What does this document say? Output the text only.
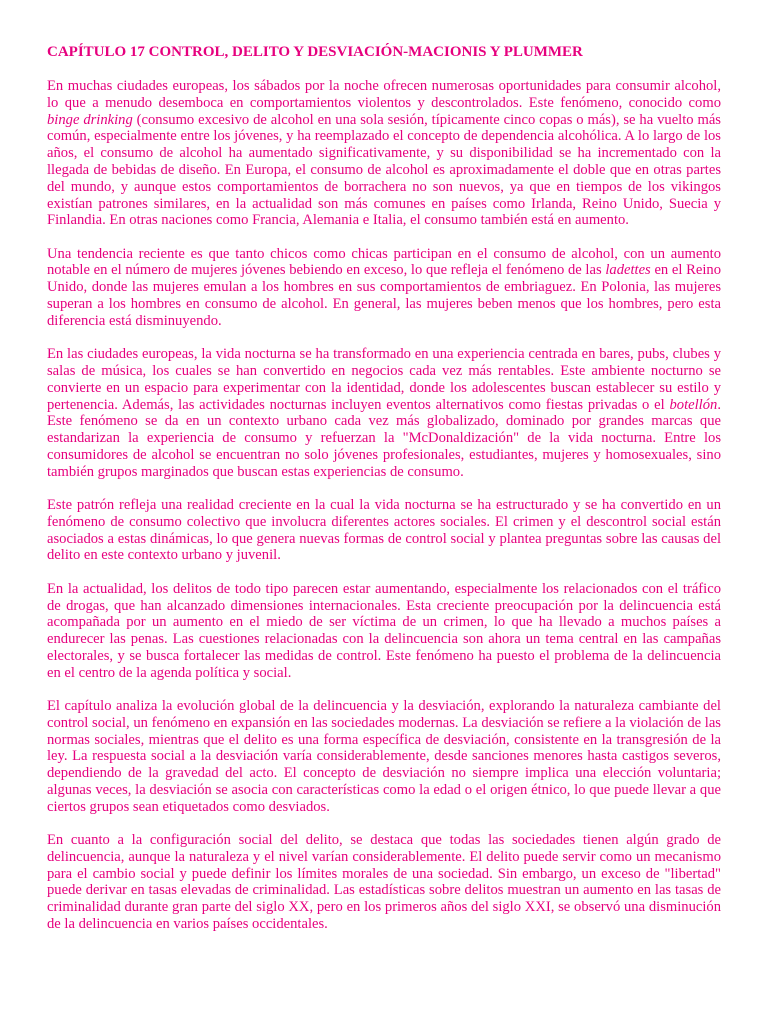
CAPÍTULO 17 CONTROL, DELITO Y DESVIACIÓN-MACIONIS Y PLUMMER

En muchas ciudades europeas, los sábados por la noche ofrecen numerosas oportunidades para consumir alcohol, lo que a menudo desemboca en comportamientos violentos y descontrolados. Este fenómeno, conocido como binge drinking (consumo excesivo de alcohol en una sola sesión, típicamente cinco copas o más), se ha vuelto más común, especialmente entre los jóvenes, y ha reemplazado el concepto de dependencia alcohólica. A lo largo de los años, el consumo de alcohol ha aumentado significativamente, y su disponibilidad se ha incrementado con la llegada de bebidas de diseño. En Europa, el consumo de alcohol es aproximadamente el doble que en otras partes del mundo, y aunque estos comportamientos de borrachera no son nuevos, ya que en tiempos de los vikingos existían patrones similares, en la actualidad son más comunes en países como Irlanda, Reino Unido, Suecia y Finlandia. En otras naciones como Francia, Alemania e Italia, el consumo también está en aumento.

Una tendencia reciente es que tanto chicos como chicas participan en el consumo de alcohol, con un aumento notable en el número de mujeres jóvenes bebiendo en exceso, lo que refleja el fenómeno de las ladettes en el Reino Unido, donde las mujeres emulan a los hombres en sus comportamientos de embriaguez. En Polonia, las mujeres superan a los hombres en consumo de alcohol. En general, las mujeres beben menos que los hombres, pero esta diferencia está disminuyendo.

En las ciudades europeas, la vida nocturna se ha transformado en una experiencia centrada en bares, pubs, clubes y salas de música, los cuales se han convertido en negocios cada vez más rentables. Este ambiente nocturno se convierte en un espacio para experimentar con la identidad, donde los adolescentes buscan establecer su estilo y pertenencia. Además, las actividades nocturnas incluyen eventos alternativos como fiestas privadas o el botellón. Este fenómeno se da en un contexto urbano cada vez más globalizado, dominado por grandes marcas que estandarizan la experiencia de consumo y refuerzan la "McDonaldización" de la vida nocturna. Entre los consumidores de alcohol se encuentran no solo jóvenes profesionales, estudiantes, mujeres y homosexuales, sino también grupos marginados que buscan estas experiencias de consumo.

Este patrón refleja una realidad creciente en la cual la vida nocturna se ha estructurado y se ha convertido en un fenómeno de consumo colectivo que involucra diferentes actores sociales. El crimen y el descontrol social están asociados a estas dinámicas, lo que genera nuevas formas de control social y plantea preguntas sobre las causas del delito en este contexto urbano y juvenil.

En la actualidad, los delitos de todo tipo parecen estar aumentando, especialmente los relacionados con el tráfico de drogas, que han alcanzado dimensiones internacionales. Esta creciente preocupación por la delincuencia está acompañada por un aumento en el miedo de ser víctima de un crimen, lo que ha llevado a muchos países a endurecer las penas. Las cuestiones relacionadas con la delincuencia son ahora un tema central en las campañas electorales, y se busca fortalecer las medidas de control. Este fenómeno ha puesto el problema de la delincuencia en el centro de la agenda política y social.

El capítulo analiza la evolución global de la delincuencia y la desviación, explorando la naturaleza cambiante del control social, un fenómeno en expansión en las sociedades modernas. La desviación se refiere a la violación de las normas sociales, mientras que el delito es una forma específica de desviación, consistente en la transgresión de la ley. La respuesta social a la desviación varía considerablemente, desde sanciones menores hasta castigos severos, dependiendo de la gravedad del acto. El concepto de desviación no siempre implica una elección voluntaria; algunas veces, la desviación se asocia con características como la edad o el origen étnico, lo que puede llevar a que ciertos grupos sean etiquetados como desviados.

En cuanto a la configuración social del delito, se destaca que todas las sociedades tienen algún grado de delincuencia, aunque la naturaleza y el nivel varían considerablemente. El delito puede servir como un mecanismo para el cambio social y puede definir los límites morales de una sociedad. Sin embargo, un exceso de "libertad" puede derivar en tasas elevadas de criminalidad. Las estadísticas sobre delitos muestran un aumento en las tasas de criminalidad durante gran parte del siglo XX, pero en los primeros años del siglo XXI, se observó una disminución de la delincuencia en varios países occidentales.
